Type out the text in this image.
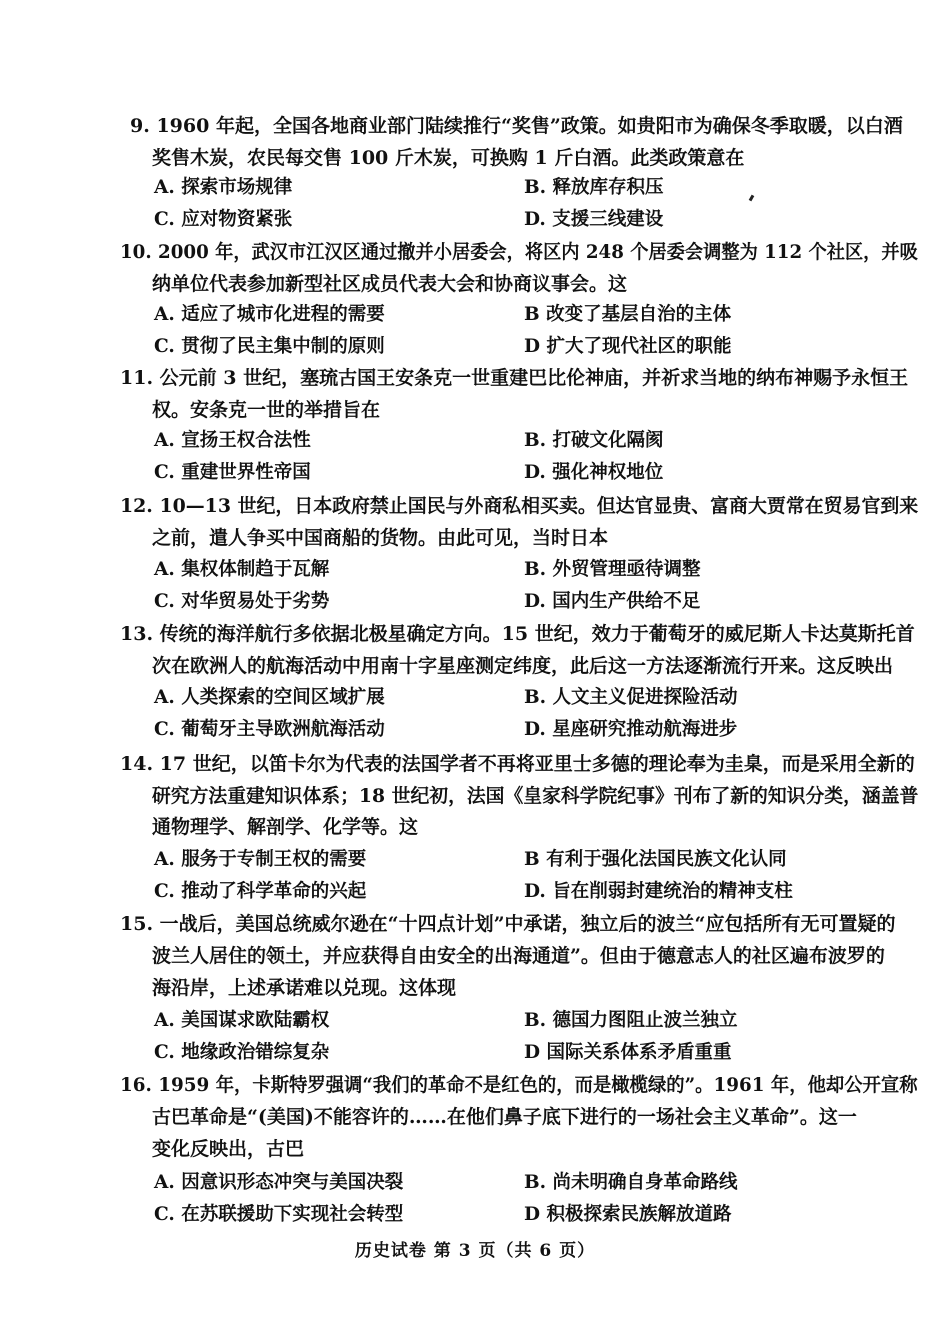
9. 1960 年起，全国各地商业部门陆续推行“奖售”政策。如贵阳市为确保冬季取暖，以白酒
奖售木炭，农民每交售 100 斤木炭，可换购 1 斤白酒。此类政策意在
A. 探索市场规律	B. 释放库存积压
C. 应对物资紧张	D. 支援三线建设
10. 2000 年，武汉市江汉区通过撤并小居委会，将区内 248 个居委会调整为 112 个社区，并吸
纳单位代表参加新型社区成员代表大会和协商议事会。这
A. 适应了城市化进程的需要	B 改变了基层自治的主体
C. 贯彻了民主集中制的原则	D 扩大了现代社区的职能
11. 公元前 3 世纪，塞琉古国王安条克一世重建巴比伦神庙，并祈求当地的纳布神赐予永恒王
权。安条克一世的举措旨在
A. 宣扬王权合法性	B. 打破文化隔阂
C. 重建世界性帝国	D. 强化神权地位
12. 10—13 世纪，日本政府禁止国民与外商私相买卖。但达官显贵、富商大贾常在贸易官到来
之前，遣人争买中国商船的货物。由此可见，当时日本
A. 集权体制趋于瓦解	B. 外贸管理亟待调整
C. 对华贸易处于劣势	D. 国内生产供给不足
13. 传统的海洋航行多依据北极星确定方向。15 世纪，效力于葡萄牙的威尼斯人卡达莫斯托首
次在欧洲人的航海活动中用南十字星座测定纬度，此后这一方法逐渐流行开来。这反映出
A. 人类探索的空间区域扩展	B. 人文主义促进探险活动
C. 葡萄牙主导欧洲航海活动	D. 星座研究推动航海进步
14. 17 世纪，以笛卡尔为代表的法国学者不再将亚里士多德的理论奉为圭臬，而是采用全新的
研究方法重建知识体系；18 世纪初，法国《皇家科学院纪事》刊布了新的知识分类，涵盖普
通物理学、解剖学、化学等。这
A. 服务于专制王权的需要	B 有利于强化法国民族文化认同
C. 推动了科学革命的兴起	D. 旨在削弱封建统治的精神支柱
15. 一战后，美国总统威尔逊在“十四点计划”中承诺，独立后的波兰“应包括所有无可置疑的
波兰人居住的领土，并应获得自由安全的出海通道”。但由于德意志人的社区遍布波罗的
海沿岸，上述承诺难以兑现。这体现
A. 美国谋求欧陆霸权	B. 德国力图阻止波兰独立
C. 地缘政治错综复杂	D 国际关系体系矛盾重重
16. 1959 年，卡斯特罗强调“我们的革命不是红色的，而是橄榄绿的”。1961 年，他却公开宣称
古巴革命是“(美国)不能容许的……在他们鼻子底下进行的一场社会主义革命”。这一
变化反映出，古巴
A. 因意识形态冲突与美国决裂	B. 尚未明确自身革命路线
C. 在苏联援助下实现社会转型	D 积极探索民族解放道路
历史试卷 第 3 页（共 6 页）
